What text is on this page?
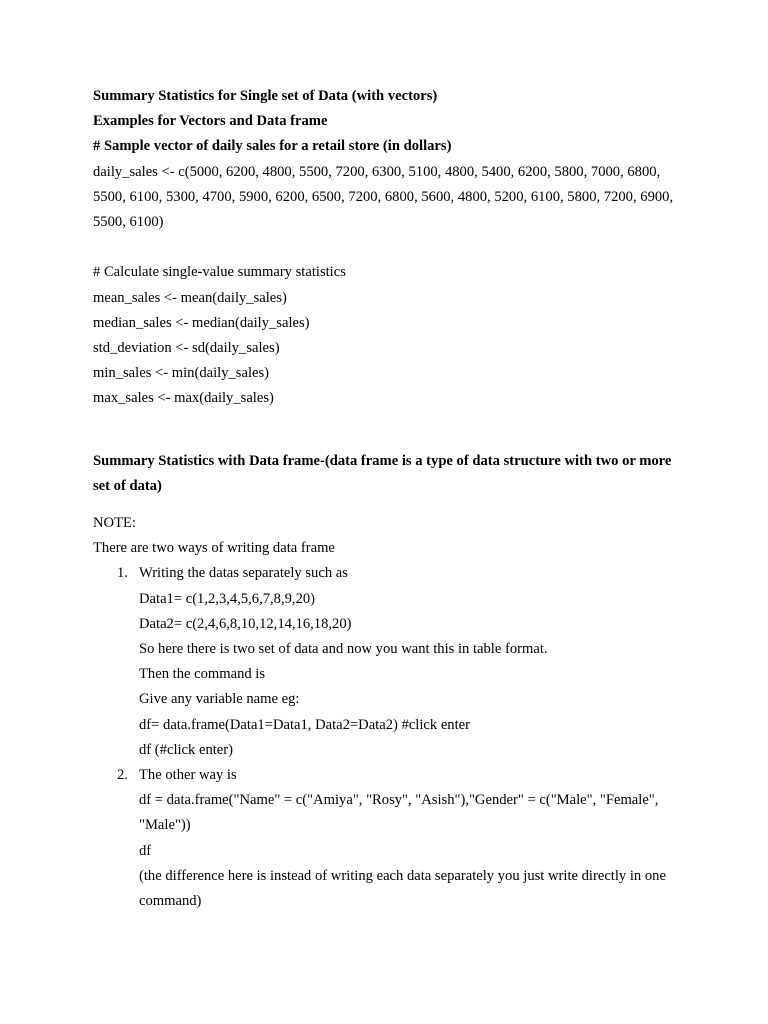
Summary Statistics for Single set of Data (with vectors)
Examples for Vectors and Data frame
# Sample vector of daily sales for a retail store (in dollars)
daily_sales <- c(5000, 6200, 4800, 5500, 7200, 6300, 5100, 4800, 5400, 6200, 5800, 7000, 6800, 5500, 6100, 5300, 4700, 5900, 6200, 6500, 7200, 6800, 5600, 4800, 5200, 6100, 5800, 7200, 6900, 5500, 6100)
# Calculate single-value summary statistics
mean_sales <- mean(daily_sales)
median_sales <- median(daily_sales)
std_deviation <- sd(daily_sales)
min_sales <- min(daily_sales)
max_sales <- max(daily_sales)
Summary Statistics with Data frame-(data frame is a type of data structure with two or more set of data)
NOTE:
There are two ways of writing data frame
1. Writing the datas separately such as
Data1= c(1,2,3,4,5,6,7,8,9,20)
Data2= c(2,4,6,8,10,12,14,16,18,20)
So here there is two set of data and now you want this in table format.
Then the command is
Give any variable name eg:
df= data.frame(Data1=Data1, Data2=Data2) #click enter
df (#click enter)
2. The other way is
df = data.frame("Name" = c("Amiya", "Rosy", "Asish"),"Gender" = c("Male", "Female", "Male"))
df
(the difference here is instead of writing each data separately you just write directly in one command)
